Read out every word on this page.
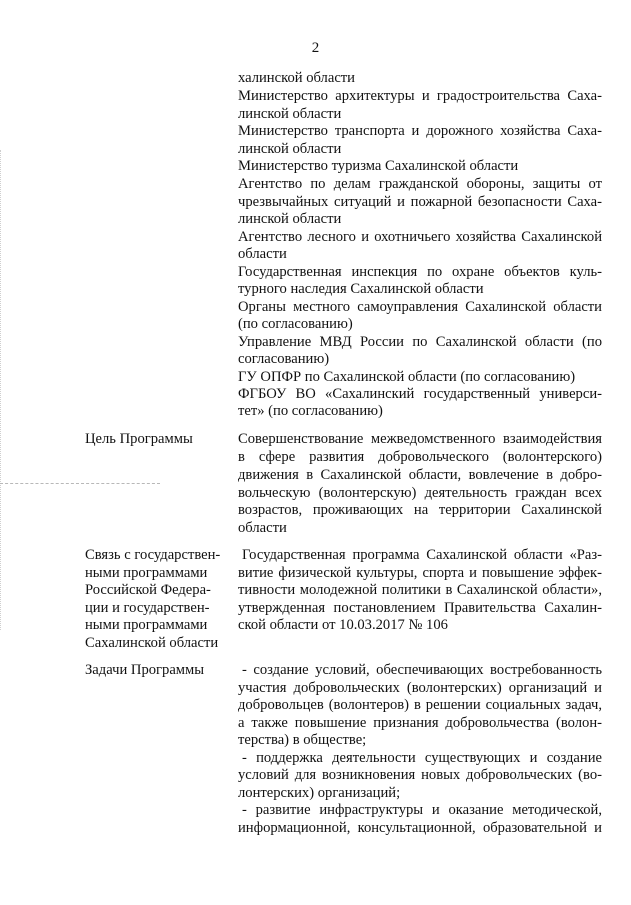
2
халинской области
Министерство архитектуры и градостроительства Саха-
линской области
Министерство транспорта и дорожного хозяйства Саха-
линской области
Министерство туризма Сахалинской области
Агентство по делам гражданской обороны, защиты от
чрезвычайных ситуаций и пожарной безопасности Саха-
линской области
Агентство лесного и охотничьего хозяйства Сахалинской
области
Государственная инспекция по охране объектов куль-
турного наследия Сахалинской области
Органы местного самоуправления Сахалинской области
(по согласованию)
Управление МВД России по Сахалинской области (по
согласованию)
ГУ ОПФР по Сахалинской области (по согласованию)
ФГБОУ ВО «Сахалинский государственный универси-
тет» (по согласованию)
Цель Программы	Совершенствование межведомственного взаимодействия
в сфере развития добровольческого (волонтерского)
движения в Сахалинской области, вовлечение в добро-
вольческую (волонтерскую) деятельность граждан всех
возрастов, проживающих на территории Сахалинской
области
Связь с государствен-
ными программами
Российской Федера-
ции и государствен-
ными программами
Сахалинской области
Государственная программа Сахалинской области «Раз-
витие физической культуры, спорта и повышение эффек-
тивности молодежной политики в Сахалинской области»,
утвержденная постановлением Правительства Сахалин-
ской области от 10.03.2017 № 106
Задачи Программы	- создание условий, обеспечивающих востребованность
участия добровольческих (волонтерских) организаций и
добровольцев (волонтеров) в решении социальных задач,
а также повышение признания добровольчества (волон-
терства) в обществе;
- поддержка деятельности существующих и создание
условий для возникновения новых добровольческих (во-
лонтерских) организаций;
- развитие инфраструктуры и оказание методической,
информационной, консультационной, образовательной и
